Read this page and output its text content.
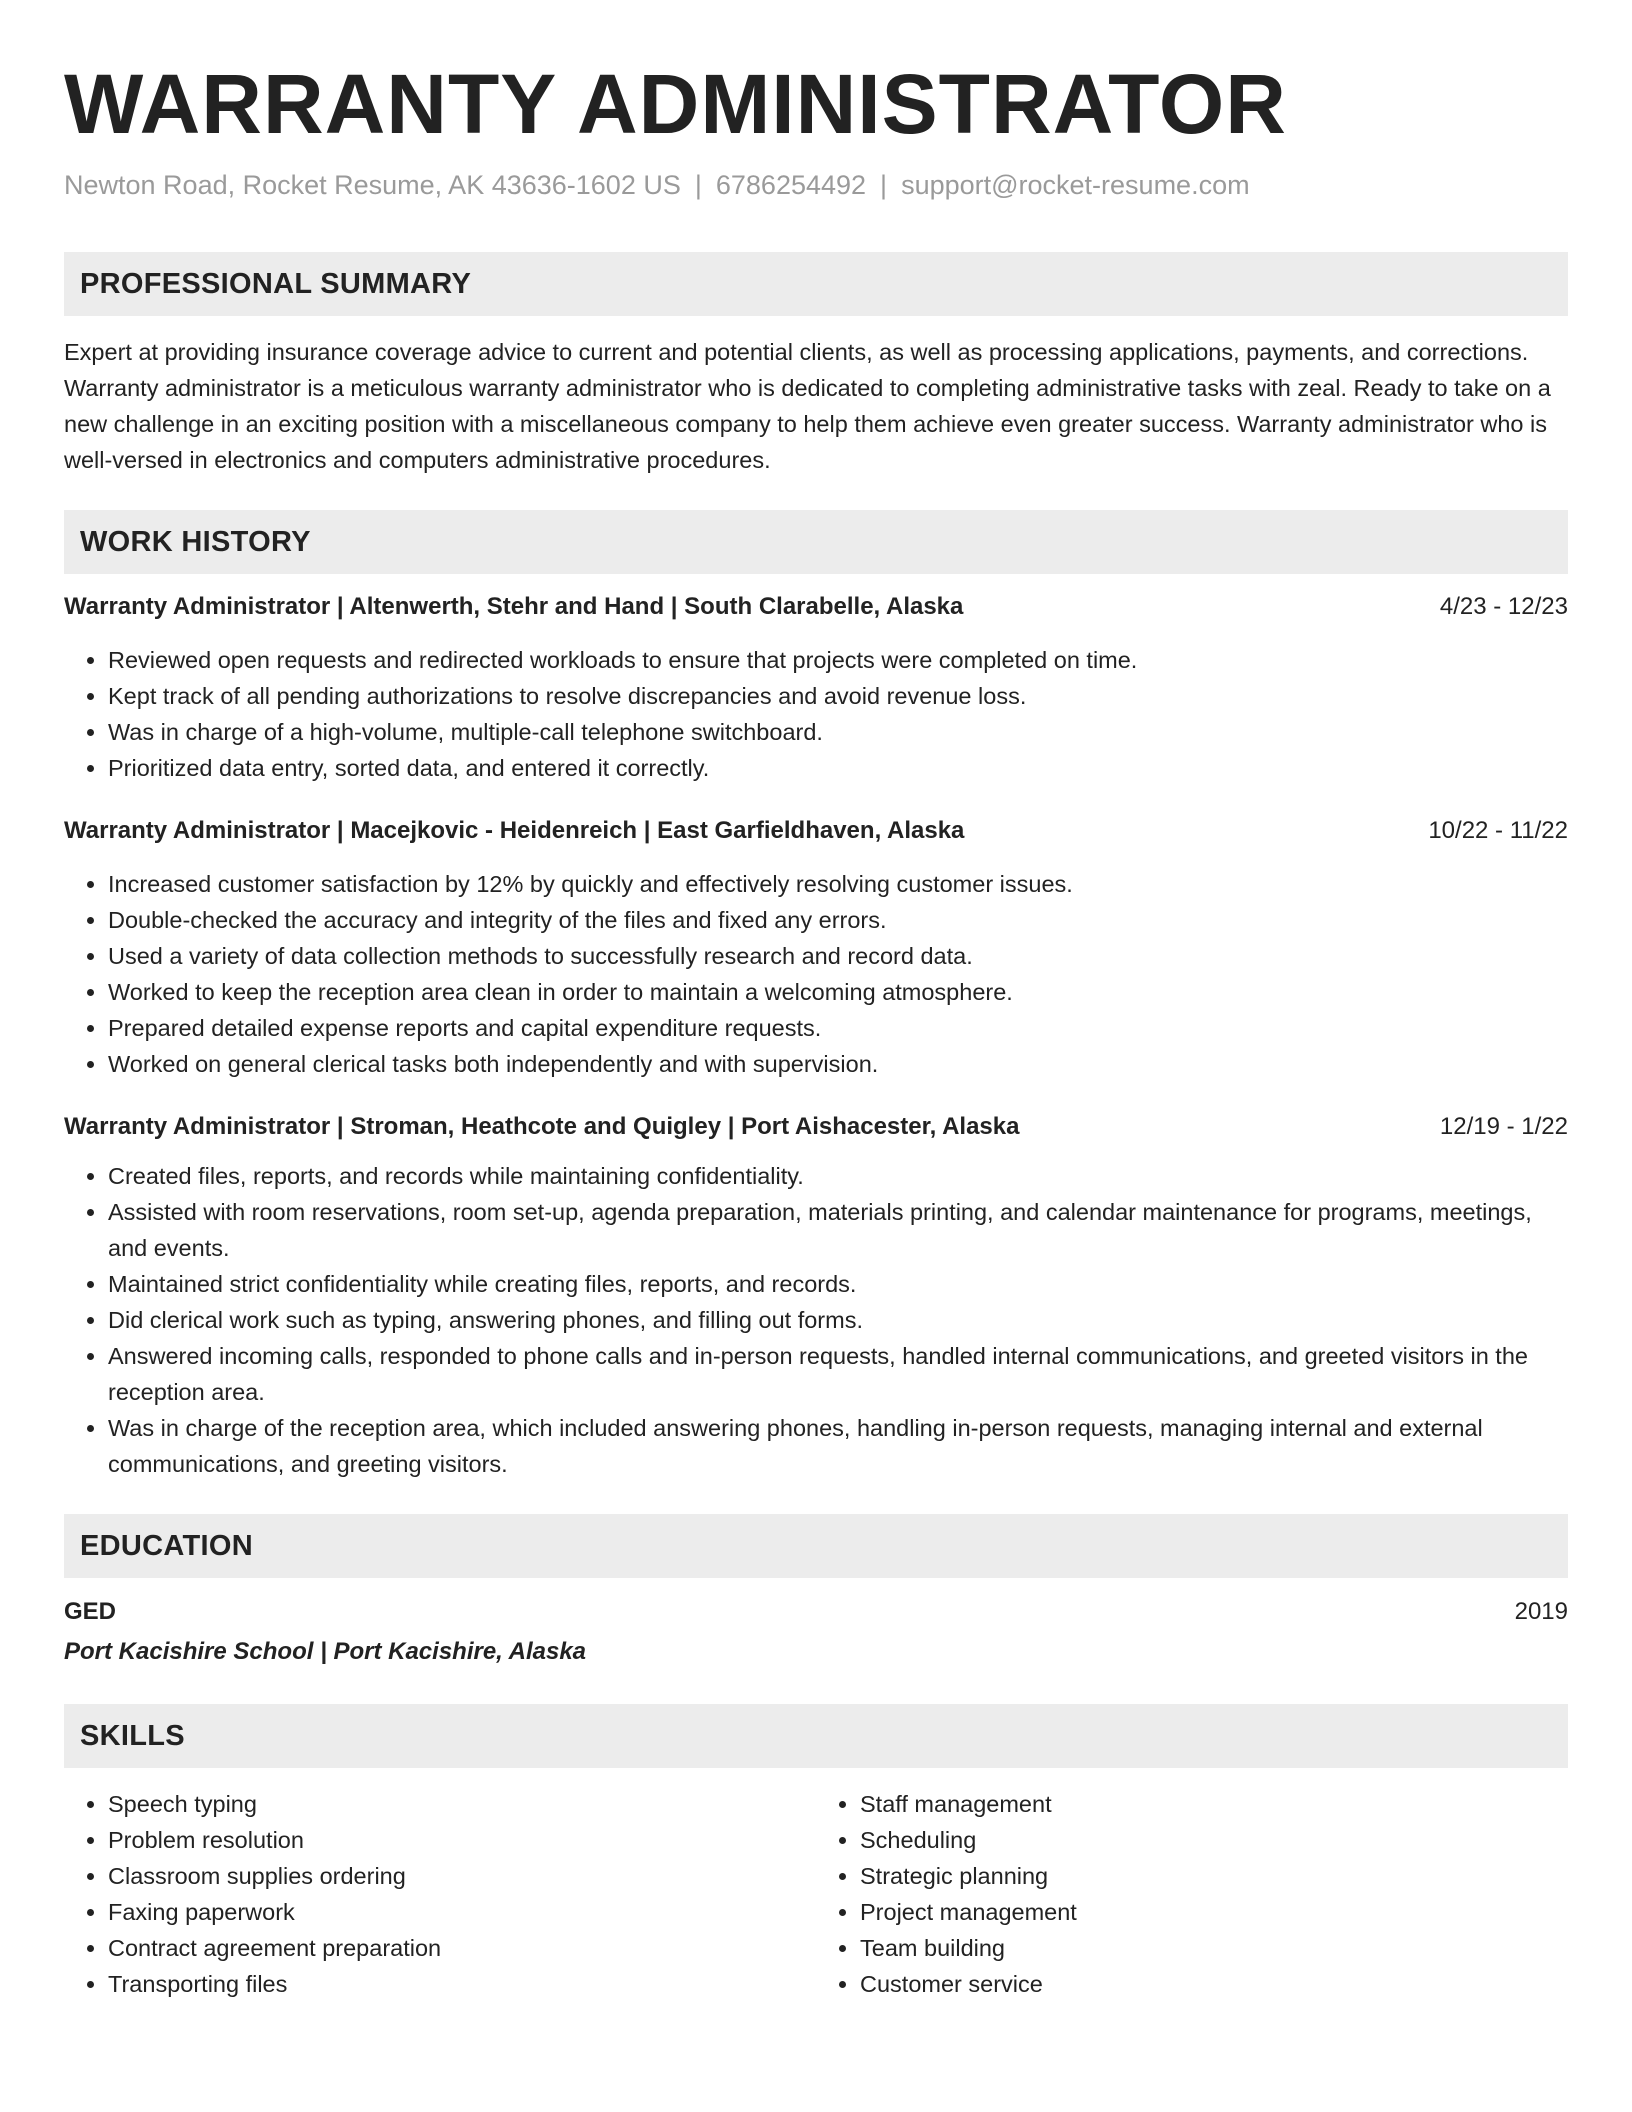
WARRANTY ADMINISTRATOR
Newton Road, Rocket Resume, AK 43636-1602 US | 6786254492 | support@rocket-resume.com
PROFESSIONAL SUMMARY
Expert at providing insurance coverage advice to current and potential clients, as well as processing applications, payments, and corrections. Warranty administrator is a meticulous warranty administrator who is dedicated to completing administrative tasks with zeal. Ready to take on a new challenge in an exciting position with a miscellaneous company to help them achieve even greater success. Warranty administrator who is well-versed in electronics and computers administrative procedures.
WORK HISTORY
Warranty Administrator | Altenwerth, Stehr and Hand | South Clarabelle, Alaska	4/23 - 12/23
• Reviewed open requests and redirected workloads to ensure that projects were completed on time.
• Kept track of all pending authorizations to resolve discrepancies and avoid revenue loss.
• Was in charge of a high-volume, multiple-call telephone switchboard.
• Prioritized data entry, sorted data, and entered it correctly.
Warranty Administrator | Macejkovic - Heidenreich | East Garfieldhaven, Alaska	10/22 - 11/22
• Increased customer satisfaction by 12% by quickly and effectively resolving customer issues.
• Double-checked the accuracy and integrity of the files and fixed any errors.
• Used a variety of data collection methods to successfully research and record data.
• Worked to keep the reception area clean in order to maintain a welcoming atmosphere.
• Prepared detailed expense reports and capital expenditure requests.
• Worked on general clerical tasks both independently and with supervision.
Warranty Administrator | Stroman, Heathcote and Quigley | Port Aishacester, Alaska	12/19 - 1/22
• Created files, reports, and records while maintaining confidentiality.
• Assisted with room reservations, room set-up, agenda preparation, materials printing, and calendar maintenance for programs, meetings, and events.
• Maintained strict confidentiality while creating files, reports, and records.
• Did clerical work such as typing, answering phones, and filling out forms.
• Answered incoming calls, responded to phone calls and in-person requests, handled internal communications, and greeted visitors in the reception area.
• Was in charge of the reception area, which included answering phones, handling in-person requests, managing internal and external communications, and greeting visitors.
EDUCATION
GED	2019
Port Kacishire School | Port Kacishire, Alaska
SKILLS
• Speech typing
• Problem resolution
• Classroom supplies ordering
• Faxing paperwork
• Contract agreement preparation
• Transporting files
• Staff management
• Scheduling
• Strategic planning
• Project management
• Team building
• Customer service
